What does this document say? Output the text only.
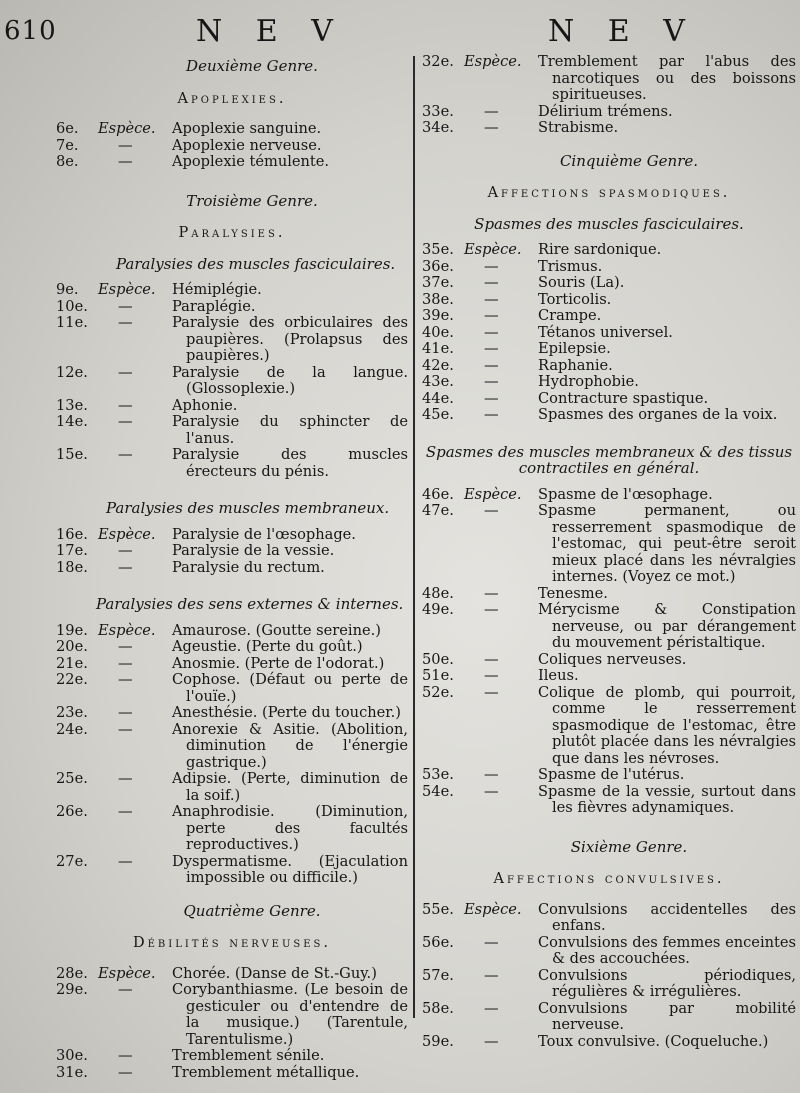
610	N E V	N E V
Deuxième Genre.
Apoplexies.
6e.	Espèce.	Apoplexie sanguine.
7e.	—	Apoplexie nerveuse.
8e.	—	Apoplexie témulente.
Troisième Genre.
Paralysies.
Paralysies des muscles fasciculaires.
9e.	Espèce.	Hémiplégie.
10e.	—	Paraplégie.
11e.	—	Paralysie des orbiculaires des paupières. (Prolapsus des paupières.)
12e.	—	Paralysie de la langue. (Glossoplexie.)
13e.	—	Aphonie.
14e.	—	Paralysie du sphincter de l'anus.
15e.	—	Paralysie des muscles érecteurs du pénis.
Paralysies des muscles membraneux.
16e. Espèce.	Paralysie de l'œsophage.
17e.	—	Paralysie de la vessie.
18e.	—	Paralysie du rectum.
Paralysies des sens externes & internes.
19e. Espèce.	Amaurose. (Goutte sereine.)
20e.	—	Ageustie. (Perte du goût.)
21e.	—	Anosmie. (Perte de l'odorat.)
22e.	—	Cophose. (Défaut ou perte de l'ouïe.)
23e.	—	Anesthésie. (Perte du toucher.)
24e.	—	Anorexie & Asitie. (Abolition, diminution de l'énergie gastrique.)
25e.	—	Adipsie. (Perte, diminution de la soif.)
26e.	—	Anaphrodisie. (Diminution, perte des facultés reproductives.)
27e.	—	Dyspermatisme. (Ejaculation impossible ou difficile.)
Quatrième Genre.
Débilités nerveuses.
28e. Espèce.	Chorée. (Danse de St.-Guy.)
29e.	—	Corybanthiasme. (Le besoin de gesticuler ou d'entendre de la musique.) (Tarentule, Tarentulisme.)
30e.	—	Tremblement sénile.
31e.	—	Tremblement métallique.
32e. Espèce.	Tremblement par l'abus des narcotiques ou des boissons spiritueuses.
33e.	—	Délirium trémens.
34e.	—	Strabisme.
Cinquième Genre.
Affections spasmodiques.
Spasmes des muscles fasciculaires.
35e. Espèce.	Rire sardonique.
36e.	—	Trismus.
37e.	—	Souris (La).
38e.	—	Torticolis.
39e.	—	Crampe.
40e.	—	Tétanos universel.
41e.	—	Epilepsie.
42e.	—	Raphanie.
43e.	—	Hydrophobie.
44e.	—	Contracture spastique.
45e.	—	Spasmes des organes de la voix.
Spasmes des muscles membraneux & des tissus contractiles en général.
46e. Espèce.	Spasme de l'œsophage.
47e.	—	Spasme permanent, ou resserrement spasmodique de l'estomac, qui peut-être seroit mieux placé dans les névralgies internes. (Voyez ce mot.)
48e.	—	Tenesme.
49e.	—	Mérycisme & Constipation nerveuse, ou par dérangement du mouvement péristaltique.
50e.	—	Coliques nerveuses.
51e.	—	Ileus.
52e.	—	Colique de plomb, qui pourroit, comme le resserrement spasmodique de l'estomac, être plutôt placée dans les névralgies que dans les névroses.
53e.	—	Spasme de l'utérus.
54e.	—	Spasme de la vessie, surtout dans les fièvres adynamiques.
Sixième Genre.
Affections convulsives.
55e. Espèce.	Convulsions accidentelles des enfans.
56e.	—	Convulsions des femmes enceintes & des accouchées.
57e.	—	Convulsions périodiques, régulières & irrégulières.
58e.	—	Convulsions par mobilité nerveuse.
59e.	—	Toux convulsive. (Coqueluche.)
